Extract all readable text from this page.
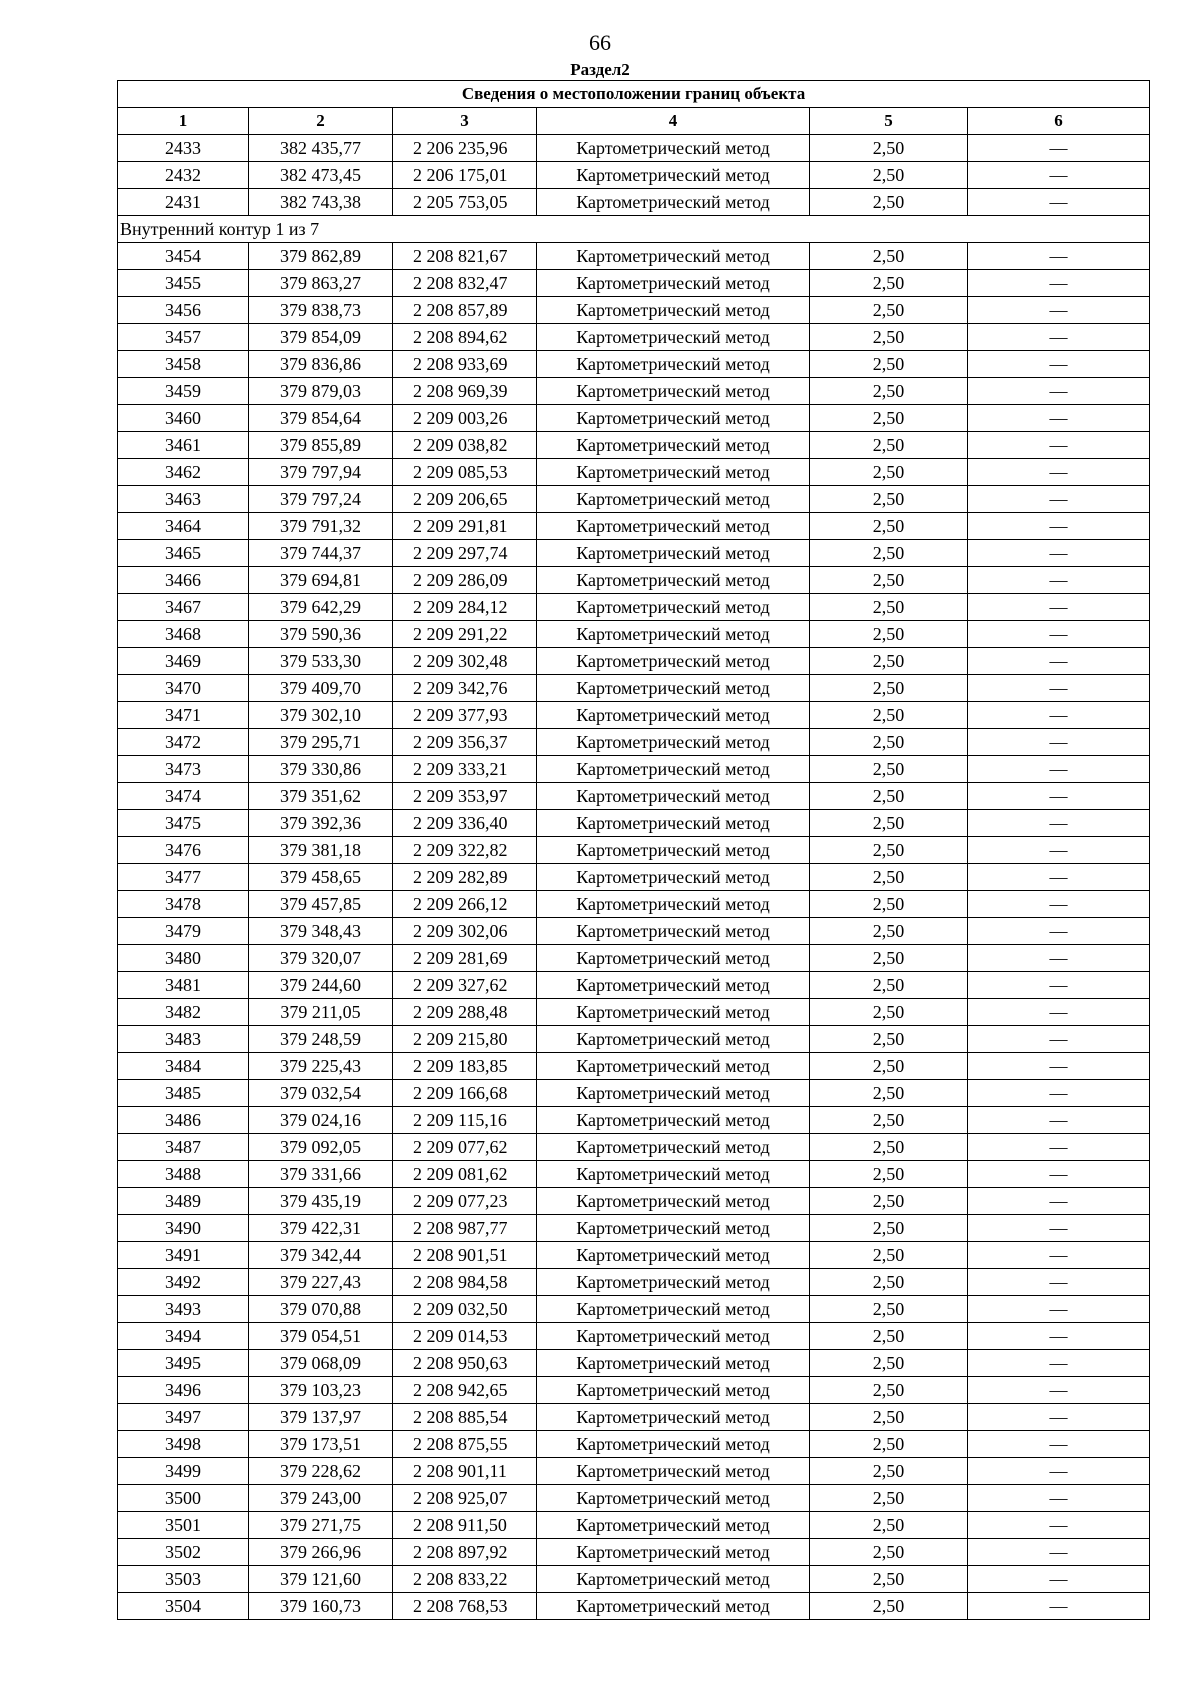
66
Раздел2
Сведения о местоположении границ объекта					
1	2	3	4	5	6
2433	382 435,77	2 206 235,96	Картометрический метод	2,50	—
2432	382 473,45	2 206 175,01	Картометрический метод	2,50	—
2431	382 743,38	2 205 753,05	Картометрический метод	2,50	—
Внутренний контур 1 из 7					
3454	379 862,89	2 208 821,67	Картометрический метод	2,50	—
3455	379 863,27	2 208 832,47	Картометрический метод	2,50	—
3456	379 838,73	2 208 857,89	Картометрический метод	2,50	—
3457	379 854,09	2 208 894,62	Картометрический метод	2,50	—
3458	379 836,86	2 208 933,69	Картометрический метод	2,50	—
3459	379 879,03	2 208 969,39	Картометрический метод	2,50	—
3460	379 854,64	2 209 003,26	Картометрический метод	2,50	—
3461	379 855,89	2 209 038,82	Картометрический метод	2,50	—
3462	379 797,94	2 209 085,53	Картометрический метод	2,50	—
3463	379 797,24	2 209 206,65	Картометрический метод	2,50	—
3464	379 791,32	2 209 291,81	Картометрический метод	2,50	—
3465	379 744,37	2 209 297,74	Картометрический метод	2,50	—
3466	379 694,81	2 209 286,09	Картометрический метод	2,50	—
3467	379 642,29	2 209 284,12	Картометрический метод	2,50	—
3468	379 590,36	2 209 291,22	Картометрический метод	2,50	—
3469	379 533,30	2 209 302,48	Картометрический метод	2,50	—
3470	379 409,70	2 209 342,76	Картометрический метод	2,50	—
3471	379 302,10	2 209 377,93	Картометрический метод	2,50	—
3472	379 295,71	2 209 356,37	Картометрический метод	2,50	—
3473	379 330,86	2 209 333,21	Картометрический метод	2,50	—
3474	379 351,62	2 209 353,97	Картометрический метод	2,50	—
3475	379 392,36	2 209 336,40	Картометрический метод	2,50	—
3476	379 381,18	2 209 322,82	Картометрический метод	2,50	—
3477	379 458,65	2 209 282,89	Картометрический метод	2,50	—
3478	379 457,85	2 209 266,12	Картометрический метод	2,50	—
3479	379 348,43	2 209 302,06	Картометрический метод	2,50	—
3480	379 320,07	2 209 281,69	Картометрический метод	2,50	—
3481	379 244,60	2 209 327,62	Картометрический метод	2,50	—
3482	379 211,05	2 209 288,48	Картометрический метод	2,50	—
3483	379 248,59	2 209 215,80	Картометрический метод	2,50	—
3484	379 225,43	2 209 183,85	Картометрический метод	2,50	—
3485	379 032,54	2 209 166,68	Картометрический метод	2,50	—
3486	379 024,16	2 209 115,16	Картометрический метод	2,50	—
3487	379 092,05	2 209 077,62	Картометрический метод	2,50	—
3488	379 331,66	2 209 081,62	Картометрический метод	2,50	—
3489	379 435,19	2 209 077,23	Картометрический метод	2,50	—
3490	379 422,31	2 208 987,77	Картометрический метод	2,50	—
3491	379 342,44	2 208 901,51	Картометрический метод	2,50	—
3492	379 227,43	2 208 984,58	Картометрический метод	2,50	—
3493	379 070,88	2 209 032,50	Картометрический метод	2,50	—
3494	379 054,51	2 209 014,53	Картометрический метод	2,50	—
3495	379 068,09	2 208 950,63	Картометрический метод	2,50	—
3496	379 103,23	2 208 942,65	Картометрический метод	2,50	—
3497	379 137,97	2 208 885,54	Картометрический метод	2,50	—
3498	379 173,51	2 208 875,55	Картометрический метод	2,50	—
3499	379 228,62	2 208 901,11	Картометрический метод	2,50	—
3500	379 243,00	2 208 925,07	Картометрический метод	2,50	—
3501	379 271,75	2 208 911,50	Картометрический метод	2,50	—
3502	379 266,96	2 208 897,92	Картометрический метод	2,50	—
3503	379 121,60	2 208 833,22	Картометрический метод	2,50	—
3504	379 160,73	2 208 768,53	Картометрический метод	2,50	—
